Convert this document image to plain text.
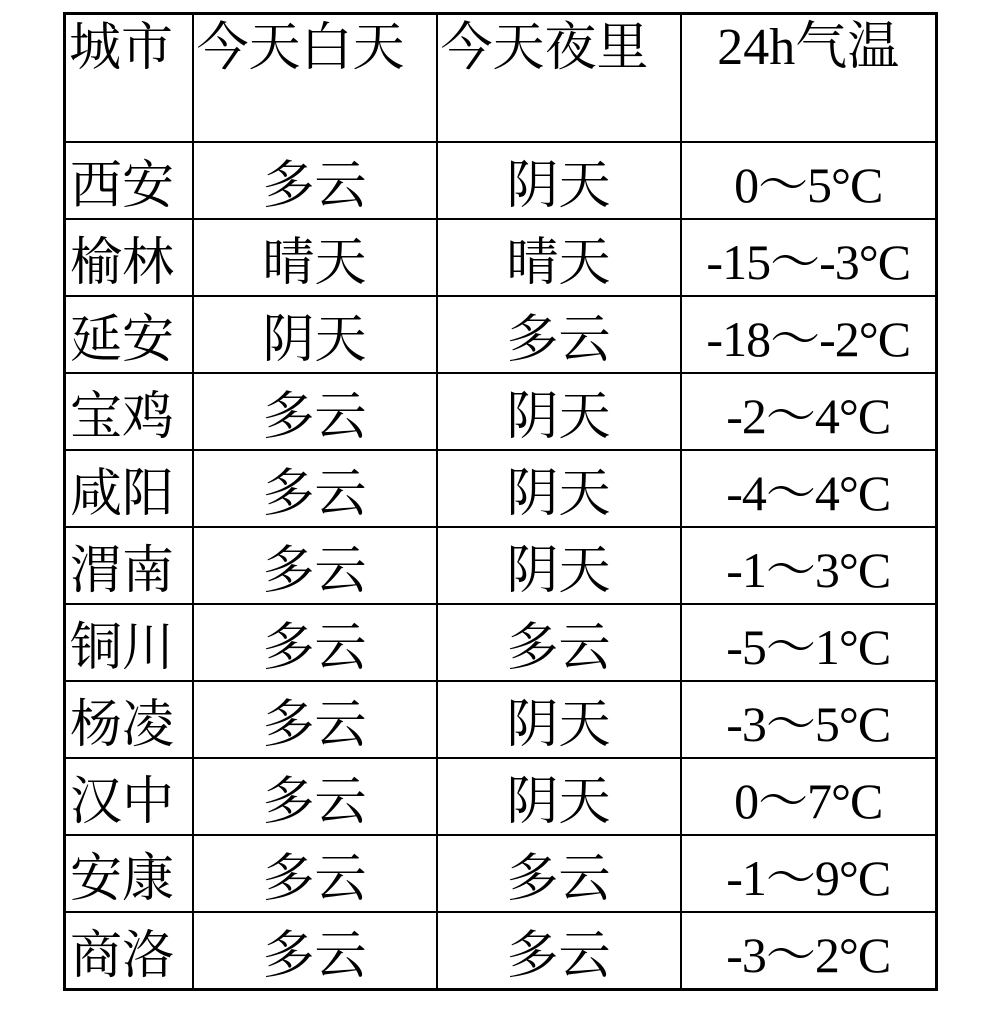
城市	今天白天	今天夜里	24h气温
西安	多云	阴天	0～5°C
榆林	晴天	晴天	-15～-3°C
延安	阴天	多云	-18～-2°C
宝鸡	多云	阴天	-2～4°C
咸阳	多云	阴天	-4～4°C
渭南	多云	阴天	-1～3°C
铜川	多云	多云	-5～1°C
杨凌	多云	阴天	-3～5°C
汉中	多云	阴天	0～7°C
安康	多云	多云	-1～9°C
商洛	多云	多云	-3～2°C
